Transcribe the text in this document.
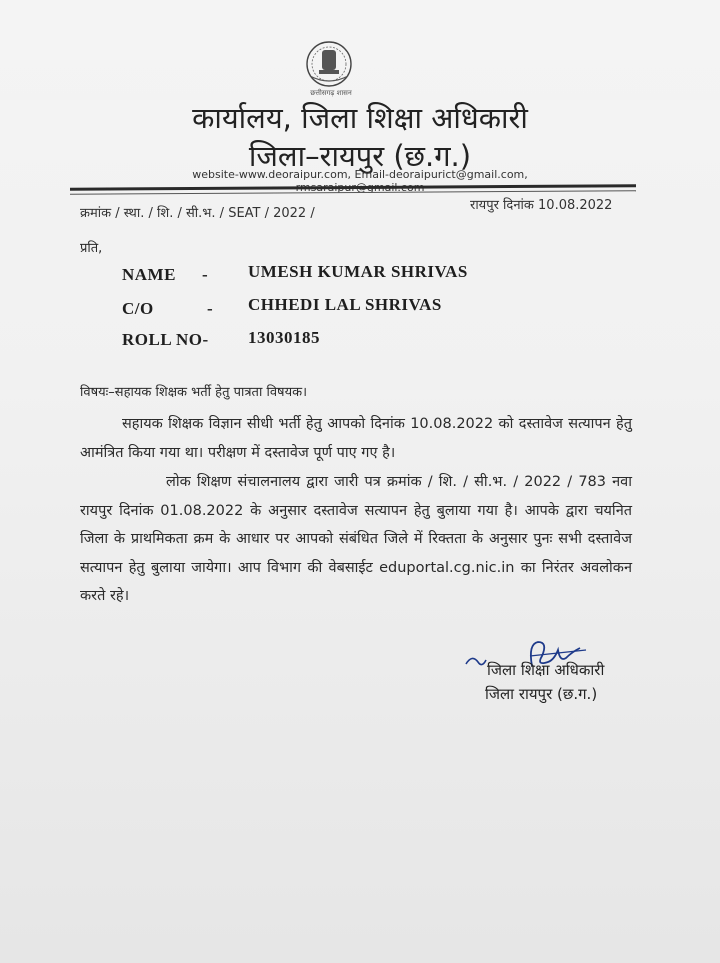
छत्तीसगढ़ शासन
कार्यालय, जिला शिक्षा अधिकारी
जिला–रायपुर (छ.ग.)
website-www.deoraipur.com, Email-deoraipurict@gmail.com,
क्रमांक / स्था. / शि. / सी.भ. / SEAT / 2022 /
रायपुर दिनांक 10.08.2022
प्रति,
NAME - UMESH KUMAR SHRIVAS
C/O	- CHHEDI LAL SHRIVAS
ROLL NO- 13030185
विषयः–सहायक शिक्षक भर्ती हेतु पात्रता विषयक।
सहायक शिक्षक विज्ञान सीधी भर्ती हेतु आपको दिनांक 10.08.2022 को दस्तावेज सत्यापन हेतु आमंत्रित किया गया था। परीक्षण में दस्तावेज पूर्ण पाए गए है।
लोक शिक्षण संचालनालय द्वारा जारी पत्र क्रमांक / शि. / सी.भ. / 2022 / 783 नवा रायपुर दिनांक 01.08.2022 के अनुसार दस्तावेज सत्यापन हेतु बुलाया गया है। आपके द्वारा चयनित जिला के प्राथमिकता क्रम के आधार पर आपको संबंधित जिले में रिक्तता के अनुसार पुनः सभी दस्तावेज सत्यापन हेतु बुलाया जायेगा। आप विभाग की वेबसाईट eduportal.cg.nic.in का निरंतर अवलोकन करते रहे।
जिला शिक्षा अधिकारी
जिला रायपुर (छ.ग.)
